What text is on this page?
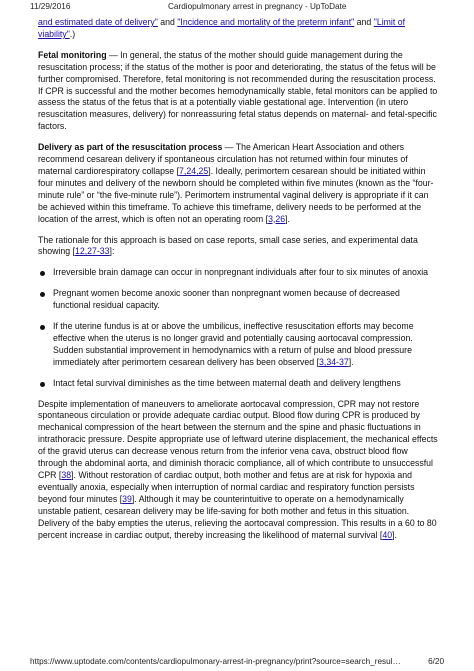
11/29/2016	Cardiopulmonary arrest in pregnancy - UpToDate

and estimated date of delivery" and "Incidence and mortality of the preterm infant" and "Limit of viability".)

Fetal monitoring — In general, the status of the mother should guide management during the resuscitation process; if the status of the mother is poor and deteriorating, the status of the fetus will be further compromised. Therefore, fetal monitoring is not recommended during the resuscitation process. If CPR is successful and the mother becomes hemodynamically stable, fetal monitors can be applied to assess the status of the fetus that is at a potentially viable gestational age. Intervention (in utero resuscitation measures, delivery) for nonreassuring fetal status depends on maternal- and fetal-specific factors.

Delivery as part of the resuscitation process — The American Heart Association and others recommend cesarean delivery if spontaneous circulation has not returned within four minutes of maternal cardiorespiratory collapse [7,24,25]. Ideally, perimortem cesarean should be initiated within four minutes and delivery of the newborn should be completed within five minutes (known as the “four-minute rule” or “the five-minute rule”). Perimortem instrumental vaginal delivery is appropriate if it can be achieved within this timeframe. To achieve this timeframe, delivery needs to be performed at the location of the arrest, which is often not an operating room [3,26].

The rationale for this approach is based on case reports, small case series, and experimental data showing [12,27-33]:

Irreversible brain damage can occur in nonpregnant individuals after four to six minutes of anoxia
Pregnant women become anoxic sooner than nonpregnant women because of decreased functional residual capacity.
If the uterine fundus is at or above the umbilicus, ineffective resuscitation efforts may become effective when the uterus is no longer gravid and potentially causing aortocaval compression. Sudden substantial improvement in hemodynamics with a return of pulse and blood pressure immediately after perimortem cesarean delivery has been observed [3,34-37].
Intact fetal survival diminishes as the time between maternal death and delivery lengthens

Despite implementation of maneuvers to ameliorate aortocaval compression, CPR may not restore spontaneous circulation or provide adequate cardiac output. Blood flow during CPR is produced by mechanical compression of the heart between the sternum and the spine and phasic fluctuations in intrathoracic pressure. Despite appropriate use of leftward uterine displacement, the mechanical effects of the gravid uterus can decrease venous return from the inferior vena cava, obstruct blood flow through the abdominal aorta, and diminish thoracic compliance, all of which contribute to unsuccessful CPR [38]. Without restoration of cardiac output, both mother and fetus are at risk for hypoxia and eventually anoxia, especially when interruption of normal cardiac and respiratory function persists beyond four minutes [39]. Although it may be counterintuitive to operate on a hemodynamically unstable patient, cesarean delivery may be life-saving for both mother and fetus in this situation. Delivery of the baby empties the uterus, relieving the aortocaval compression. This results in a 60 to 80 percent increase in cardiac output, thereby increasing the likelihood of maternal survival [40].

https://www.uptodate.com/contents/cardiopulmonary-arrest-in-pregnancy/print?source=search_resul…	6/20
